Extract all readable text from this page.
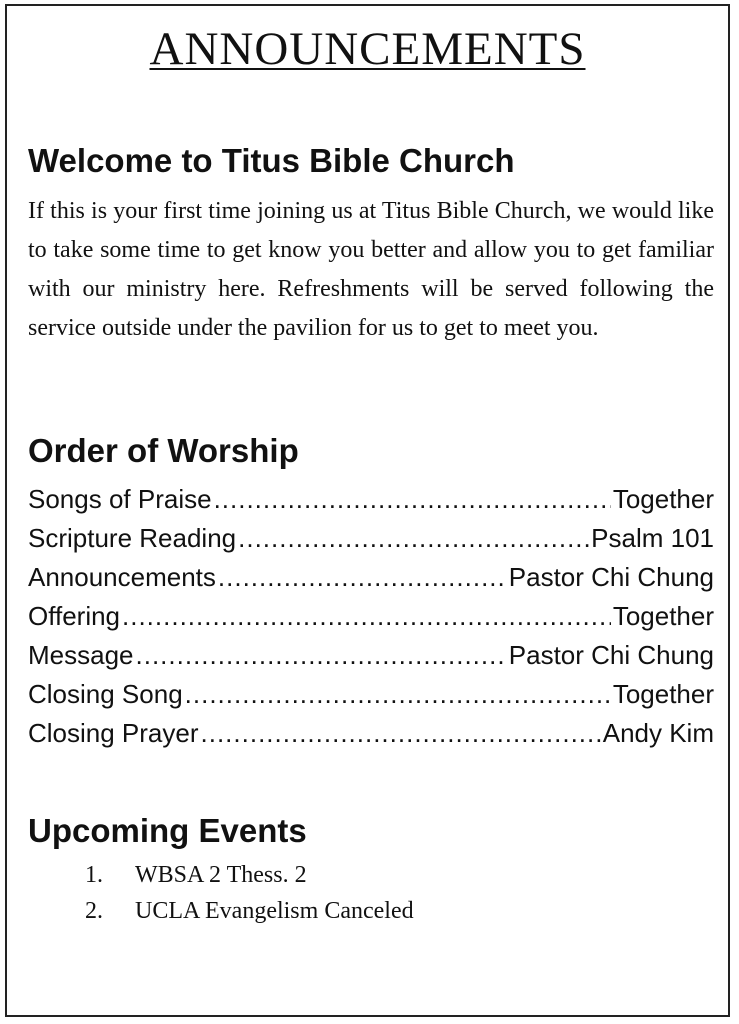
ANNOUNCEMENTS
Welcome to Titus Bible Church

If this is your first time joining us at Titus Bible Church, we would like to take some time to get know you better and allow you to get familiar with our ministry here. Refreshments will be served following the service outside under the pavilion for us to get to meet you.

Order of Worship
Songs of Praise .....	Together
Scripture Reading .....	Psalm 101
Announcements .....	Pastor Chi Chung
Offering .....	Together
Message .....	Pastor Chi Chung
Closing Song .....	Together
Closing Prayer .....	Andy Kim
Upcoming Events
1.	WBSA 2 Thess. 2
2.	UCLA Evangelism Canceled
